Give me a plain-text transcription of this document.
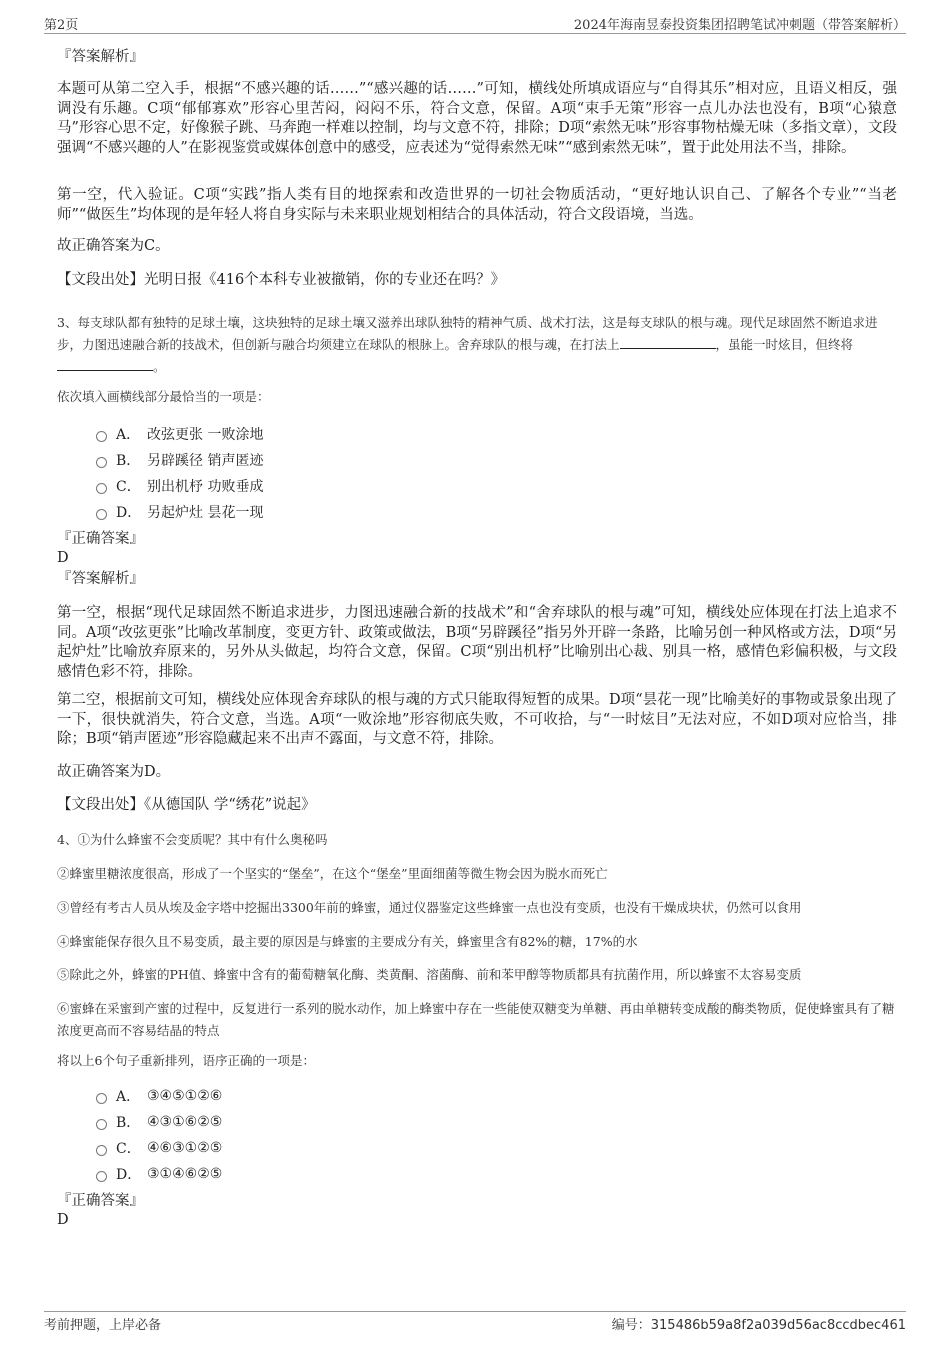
第2页	2024年海南昱泰投资集团招聘笔试冲刺题（带答案解析）
『答案解析』
本题可从第二空入手，根据“不感兴趣的话……”“感兴趣的话……”可知，横线处所填成语应与“自得其乐”相对应，且语义相反，强调没有乐趣。C项“郁郁寡欢”形容心里苦闷，闷闷不乐，符合文意，保留。A项“束手无策”形容一点儿办法也没有，B项“心猿意马”形容心思不定，好像猴子跳、马奔跑一样难以控制，均与文意不符，排除；D项“索然无味”形容事物枯燥无味（多指文章），文段强调“不感兴趣的人”在影视鉴赏或媒体创意中的感受，应表述为“觉得索然无味”“感到索然无味”，置于此处用法不当，排除。
第一空，代入验证。C项“实践”指人类有目的地探索和改造世界的一切社会物质活动，“更好地认识自己、了解各个专业”“当老师”“做医生”均体现的是年轻人将自身实际与未来职业规划相结合的具体活动，符合文段语境，当选。
故正确答案为C。
【文段出处】光明日报《416个本科专业被撤销，你的专业还在吗？》
3、每支球队都有独特的足球土壤，这块独特的足球土壤又滋养出球队独特的精神气质、战术打法，这是每支球队的根与魂。现代足球固然不断追求进步，力图迅速融合新的技战术，但创新与融合均须建立在球队的根脉上。舍弃球队的根与魂，在打法上	，虽能一时炫目，但终将。
依次填入画横线部分最恰当的一项是：
A． 改弦更张 一败涂地
B． 另辟蹊径 销声匿迹
C． 别出机杼 功败垂成
D． 另起炉灶 昙花一现
『正确答案』
D
『答案解析』
第一空，根据“现代足球固然不断追求进步，力图迅速融合新的技战术”和“舍弃球队的根与魂”可知，横线处应体现在打法上追求不同。A项“改弦更张”比喻改革制度，变更方针、政策或做法，B项“另辟蹊径”指另外开辟一条路，比喻另创一种风格或方法，D项“另起炉灶”比喻放弃原来的，另外从头做起，均符合文意，保留。C项“别出机杼”比喻别出心裁、别具一格，感情色彩偏积极，与文段感情色彩不符，排除。
第二空，根据前文可知，横线处应体现舍弃球队的根与魂的方式只能取得短暂的成果。D项“昙花一现”比喻美好的事物或景象出现了一下，很快就消失，符合文意，当选。A项“一败涂地”形容彻底失败，不可收拾，与“一时炫目”无法对应，不如D项对应恰当，排除；B项“销声匿迹”形容隐藏起来不出声不露面，与文意不符，排除。
故正确答案为D。
【文段出处】《从德国队 学“绣花”说起》
4、①为什么蜂蜜不会变质呢？其中有什么奥秘吗
②蜂蜜里糖浓度很高，形成了一个坚实的“堡垒”，在这个“堡垒”里面细菌等微生物会因为脱水而死亡
③曾经有考古人员从埃及金字塔中挖掘出3300年前的蜂蜜，通过仪器鉴定这些蜂蜜一点也没有变质，也没有干燥成块状，仍然可以食用
④蜂蜜能保存很久且不易变质，最主要的原因是与蜂蜜的主要成分有关，蜂蜜里含有82%的糖，17%的水
⑤除此之外，蜂蜜的PH值、蜂蜜中含有的葡萄糖氧化酶、类黄酮、溶菌酶、前和苯甲醇等物质都具有抗菌作用，所以蜂蜜不太容易变质
⑥蜜蜂在采蜜到产蜜的过程中，反复进行一系列的脱水动作，加上蜂蜜中存在一些能使双糖变为单糖、再由单糖转变成酸的酶类物质，促使蜂蜜具有了糖浓度更高而不容易结晶的特点
将以上6个句子重新排列，语序正确的一项是：
A． ③④⑤①②⑥
B． ④③①⑥②⑤
C． ④⑥③①②⑤
D． ③①④⑥②⑤
『正确答案』
D
考前押题，上岸必备	编号：315486b59a8f2a039d56ac8ccdbec461
